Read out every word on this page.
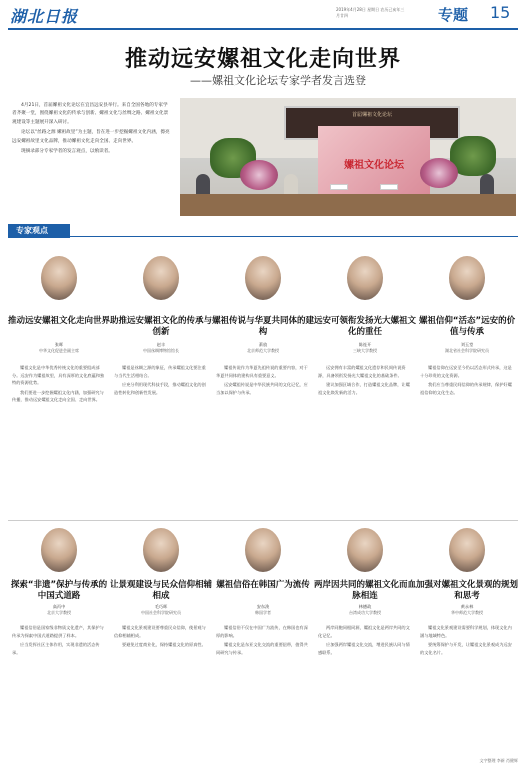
湖北日报	2019年4月28日 星期日 农历己亥年三月廿四	专题 15
推动远安嫘祖文化走向世界
——嫘祖文化论坛专家学者发言选登

4月21日，首届嫘祖文化论坛在宜昌远安县举行。来自全国各地的专家学者齐聚一堂，围绕嫘祖文化的传承与创新、嫘祖文化与丝绸之路、嫘祖文化景观建设等主题展开深入研讨。

论坛以“丝路之源 嫘祖故里”为主题，旨在进一步挖掘嫘祖文化内涵，擦亮远安嫘祖故里文化品牌，推动嫘祖文化走向全国、走向世界。

现摘录部分专家学者的发言观点，以飨读者。

首届嫘祖文化论坛
嫘祖文化论坛
专家观点
推动远安嫘祖文化走向世界
张晖
中华文化促进会副主席

嫘祖文化是中华优秀传统文化的重要组成部分。远安作为嫘祖故里，具有深厚的文化底蕴和独特的资源优势。

我们要进一步挖掘嫘祖文化内涵，加强研究与传播，推动远安嫘祖文化走向全国、走向世界。

助推远安嫘祖文化的传承与创新
赵丰
中国丝绸博物馆馆长

嫘祖是丝绸之源的象征，传承嫘祖文化要注重与当代生活相结合。

应充分利用现代科技手段，推动嫘祖文化的创造性转化和创新性发展。

嫘祖传说与华夏共同体的建构
萧放
北京师范大学教授

嫘祖传说作为华夏先祖传说的重要内容，对于华夏共同体的建构具有重要意义。

远安嫘祖传说是中华民族共同的文化记忆，应当加以保护与传承。

远安可领衔发扬光大嫘祖文化的重任
陈连开
三峡大学教授

远安拥有丰富的嫘祖文化遗存和民间传说资源，具备领衔发扬光大嫘祖文化的基础条件。

建议加强区域合作，打造嫘祖文化品牌，让嫘祖文化焕发新的活力。

嫘祖信仰“活态”远安的价值与传承
刘玉堂
湖北省社会科学院研究员

嫘祖信仰在远安至今仍以活态形式传承，这是十分珍贵的文化资源。

我们应当尊重民间信仰的传承规律，保护好嫘祖信仰的文化生态。

探索“非遗”保护与传承的中国式道路
高丙中
北京大学教授

嫘祖信俗是国家级非物质文化遗产，其保护与传承为探索中国式道路提供了样本。

应当发挥社区主体作用，实现非遗的活态传承。

让景观建设与民众信仰相辅相成
毛巧晖
中国社会科学院研究员

嫘祖文化景观建设要尊重民众信仰，使景观与信仰相辅相成。

要避免过度商业化，保持嫘祖文化的原真性。

嫘祖信俗在韩国广为流传
安东浚
韩国学者

嫘祖信俗不仅在中国广为流传，在韩国也有深厚的影响。

嫘祖文化是东亚文化交流的重要纽带，值得共同研究与传承。

两岸因共同的嫘祖文化而血脉相连
林德政
台湾成功大学教授

两岸同胞同根同源，嫘祖文化是两岸共同的文化记忆。

应加强两岸嫘祖文化交流，增进民族认同与情感联系。

加强对嫘祖文化景观的规划和思考
黄永林
华中师范大学教授

嫘祖文化景观建设需要科学规划，体现文化内涵与地域特色。

要统筹保护与开发，让嫘祖文化景观成为远安的文化名片。

文字整理 李新 肖健辉
